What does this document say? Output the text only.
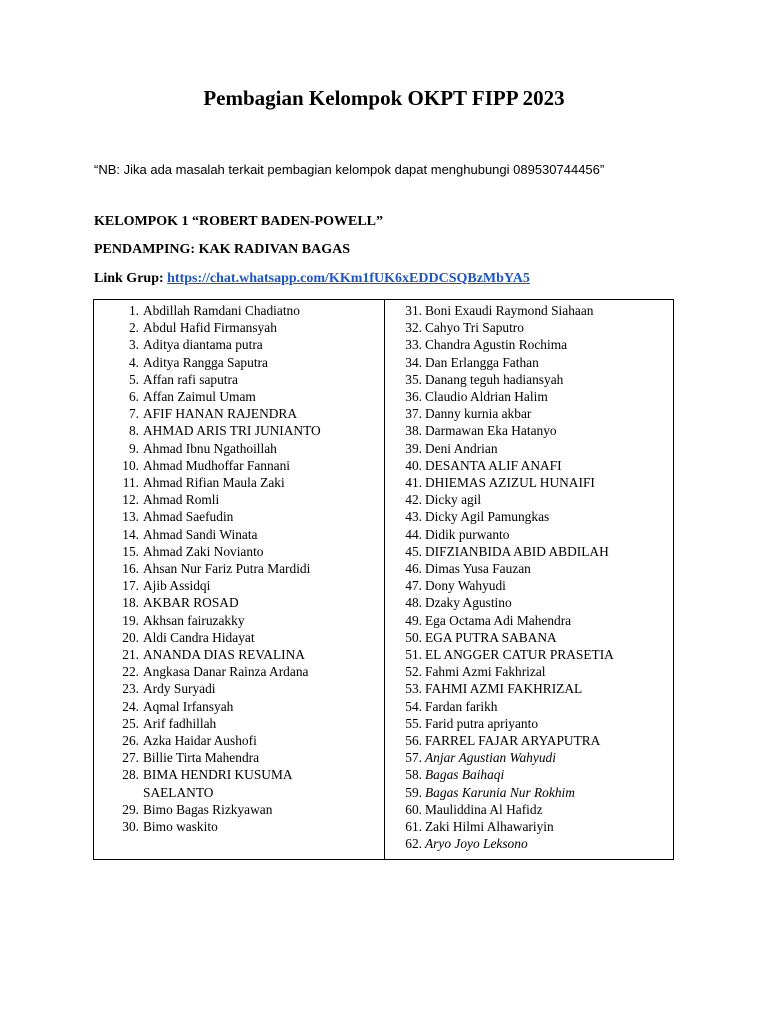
Pembagian Kelompok OKPT FIPP 2023
“NB: Jika ada masalah terkait pembagian kelompok dapat menghubungi 089530744456”
KELOMPOK 1 “ROBERT BADEN-POWELL”
PENDAMPING: KAK RADIVAN BAGAS
Link Grup: https://chat.whatsapp.com/KKm1fUK6xEDDCSQBzMbYA5
1. Abdillah Ramdani Chadiatno
2. Abdul Hafid Firmansyah
3. Aditya diantama putra
4. Aditya Rangga Saputra
5. Affan rafi saputra
6. Affan Zaimul Umam
7. AFIF HANAN RAJENDRA
8. AHMAD ARIS TRI JUNIANTO
9. Ahmad Ibnu Ngathoillah
10. Ahmad Mudhoffar Fannani
11. Ahmad Rifian Maula Zaki
12. Ahmad Romli
13. Ahmad Saefudin
14. Ahmad Sandi Winata
15. Ahmad Zaki Novianto
16. Ahsan Nur Fariz Putra Mardidi
17. Ajib Assidqi
18. AKBAR ROSAD
19. Akhsan fairuzakky
20. Aldi Candra Hidayat
21. ANANDA DIAS REVALINA
22. Angkasa Danar Rainza Ardana
23. Ardy Suryadi
24. Aqmal Irfansyah
25. Arif fadhillah
26. Azka Haidar Aushofi
27. Billie Tirta Mahendra
28. BIMA HENDRI KUSUMA
SAELANTO
29. Bimo Bagas Rizkyawan
30. Bimo waskito
31. Boni Exaudi Raymond Siahaan
32. Cahyo Tri Saputro
33. Chandra Agustin Rochima
34. Dan Erlangga Fathan
35. Danang teguh hadiansyah
36. Claudio Aldrian Halim
37. Danny kurnia akbar
38. Darmawan Eka Hatanyo
39. Deni Andrian
40. DESANTA ALIF ANAFI
41. DHIEMAS AZIZUL HUNAIFI
42. Dicky agil
43. Dicky Agil Pamungkas
44. Didik purwanto
45. DIFZIANBIDA ABID ABDILAH
46. Dimas Yusa Fauzan
47. Dony Wahyudi
48. Dzaky Agustino
49. Ega Octama Adi Mahendra
50. EGA PUTRA SABANA
51. EL ANGGER CATUR PRASETIA
52. Fahmi Azmi Fakhrizal
53. FAHMI AZMI FAKHRIZAL
54. Fardan farikh
55. Farid putra apriyanto
56. FARREL FAJAR ARYAPUTRA
57. Anjar Agustian Wahyudi
58. Bagas Baihaqi
59. Bagas Karunia Nur Rokhim
60. Mauliddina Al Hafidz
61. Zaki Hilmi Alhawariyin
62. Aryo Joyo Leksono
